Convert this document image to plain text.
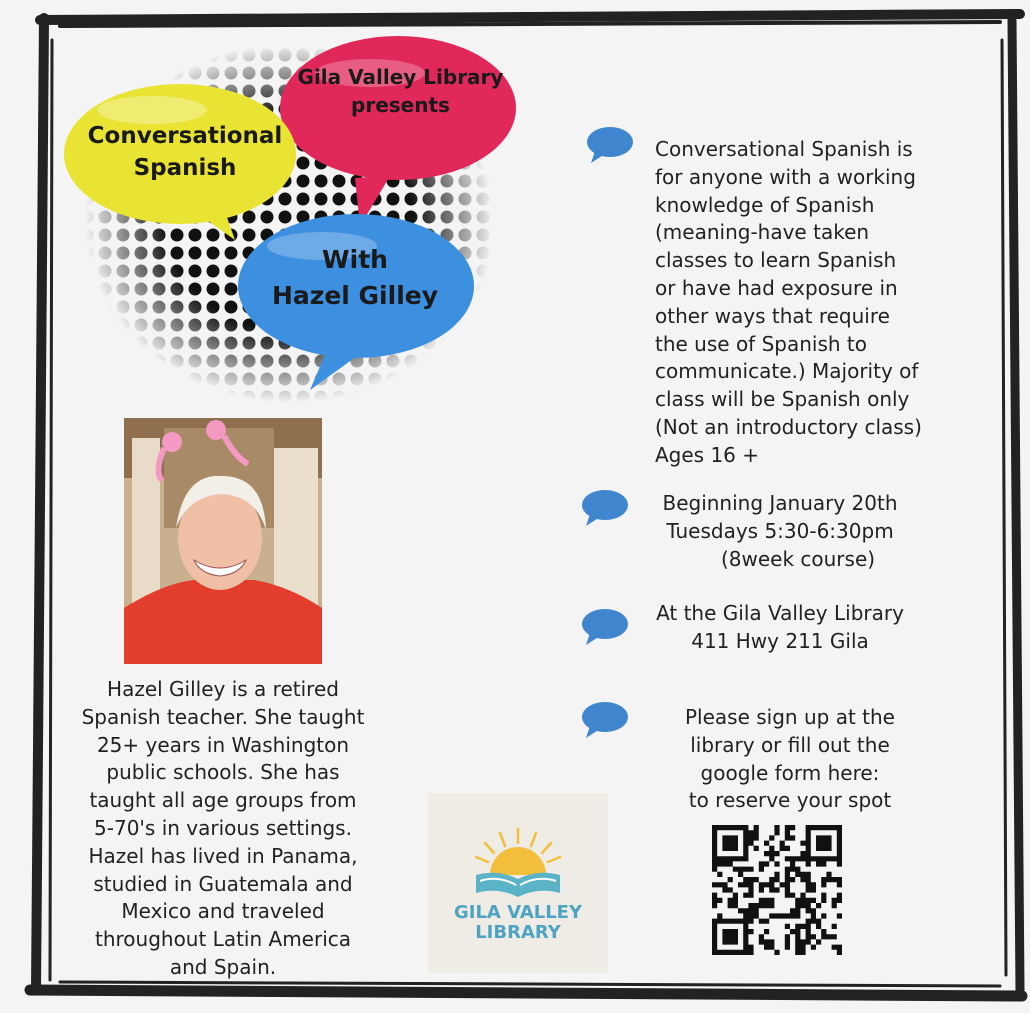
Conversational
Spanish
Gila Valley Library
presents
With
Hazel Gilley
Hazel Gilley is a retired
Spanish teacher. She taught
25+ years in Washington
public schools. She has
taught all age groups from
5-70's in various settings.
Hazel has lived in Panama,
studied in Guatemala and
Mexico and traveled
throughout Latin America
and Spain.
GILA VALLEY
LIBRARY
Conversational Spanish is
for anyone with a working
knowledge of Spanish
(meaning-have taken
classes to learn Spanish
or have had exposure in
other ways that require
the use of Spanish to
communicate.) Majority of
class will be Spanish only
(Not an introductory class)
Ages 16 +
Beginning January 20th
Tuesdays 5:30-6:30pm
(8week course)
At the Gila Valley Library
411 Hwy 211 Gila
Please sign up at the
library or fill out the
google form here:
to reserve your spot
